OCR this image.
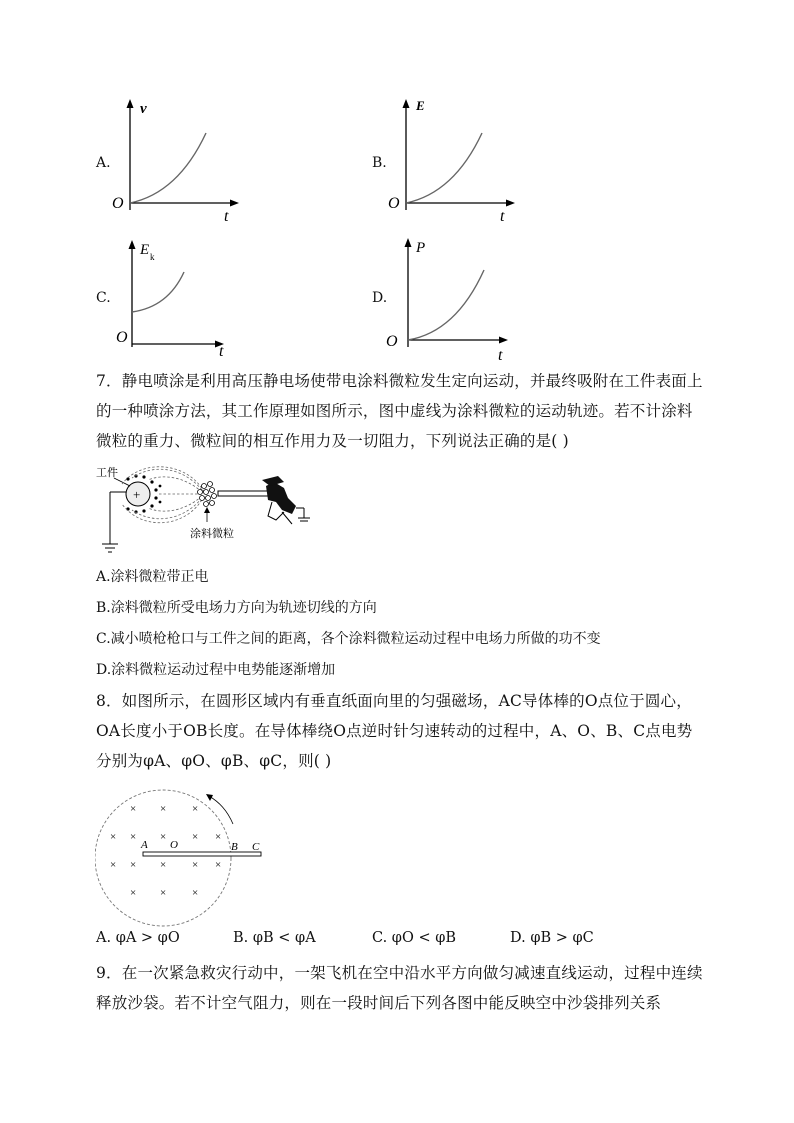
A.
v
O
t
B.
E
O
t
C.
E k
O
t
D.
P
O
t
7．静电喷涂是利用高压静电场使带电涂料微粒发生定向运动，并最终吸附在工件表面上的一种喷涂方法，其工作原理如图所示，图中虚线为涂料微粒的运动轨迹。若不计涂料微粒的重力、微粒间的相互作用力及一切阻力，下列说法正确的是( )
+
工件
涂料微粒
A.涂料微粒带正电
B.涂料微粒所受电场力方向为轨迹切线的方向
C.减小喷枪枪口与工件之间的距离，各个涂料微粒运动过程中电场力所做的功不变
D.涂料微粒运动过程中电势能逐渐增加
8．如图所示，在圆形区域内有垂直纸面向里的匀强磁场，AC导体棒的O点位于圆心，OA长度小于OB长度。在导体棒绕O点逆时针匀速转动的过程中，A、O、B、C点电势分别为φA、φO、φB、φC，则( )
A O	B C
× × ×
× × × × ×
× × × × ×
× × ×
A. φA > φO	B. φB < φA	C. φO < φB	D. φB > φC
9．在一次紧急救灾行动中，一架飞机在空中沿水平方向做匀减速直线运动，过程中连续释放沙袋。若不计空气阻力，则在一段时间后下列各图中能反映空中沙袋排列关系
